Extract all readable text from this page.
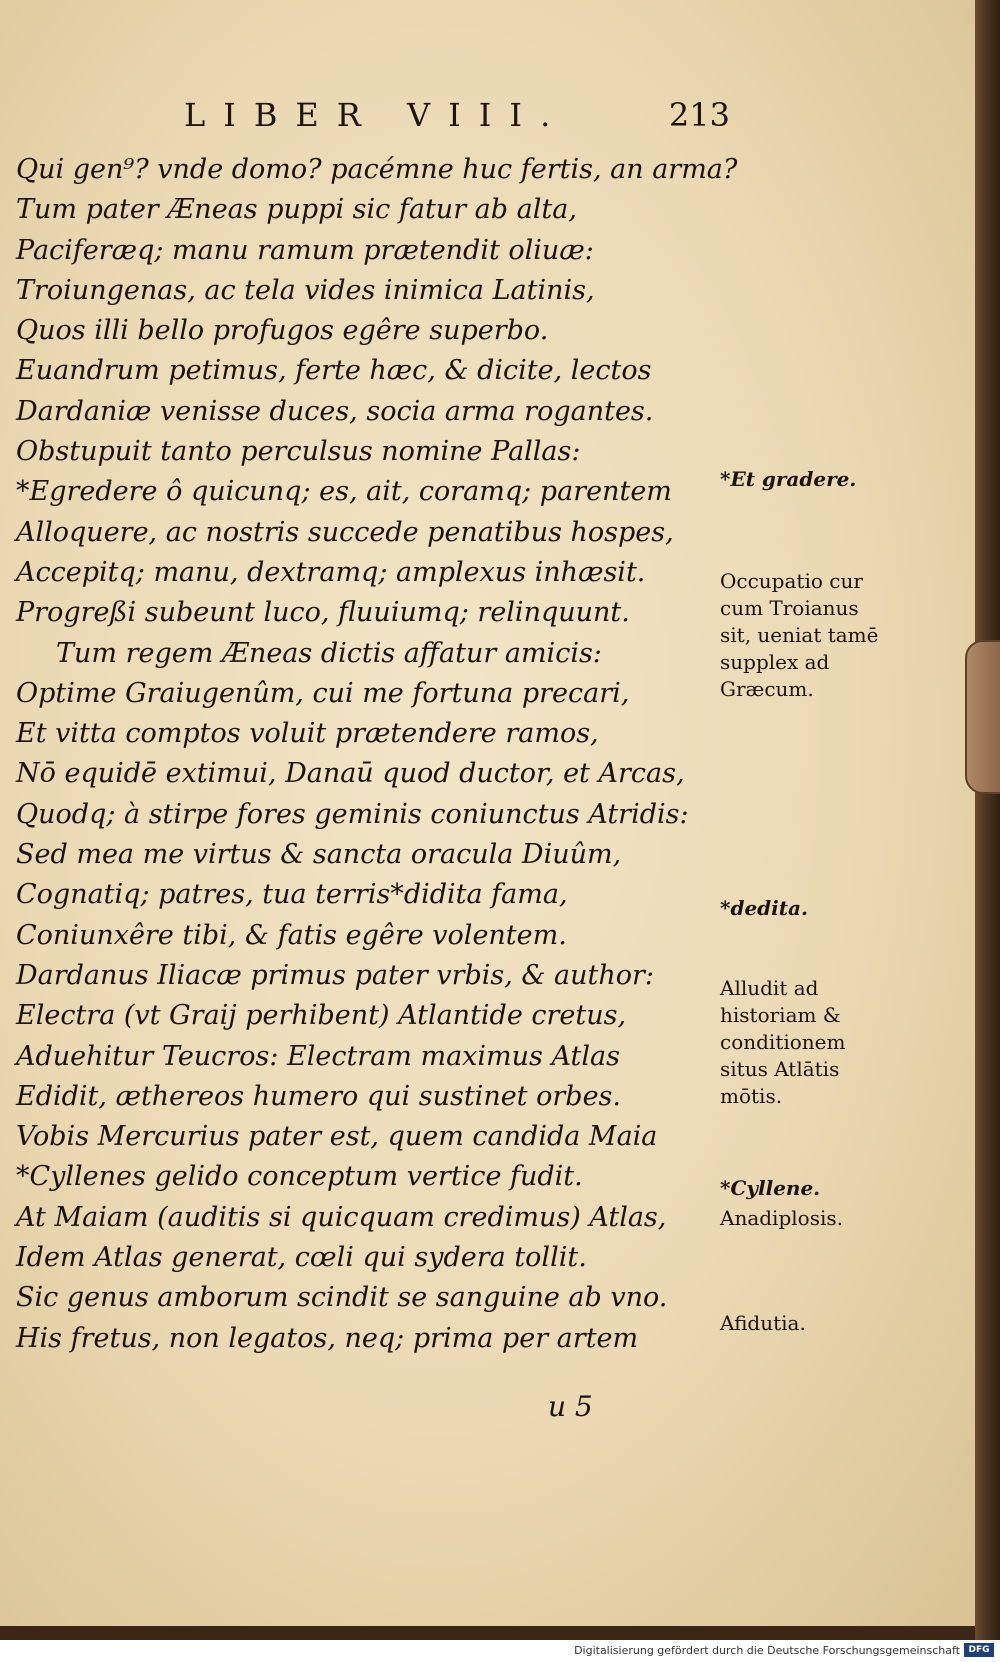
LIBER VIII.	213
Qui gen⁹? vnde domo? pacémne huc fertis, an arma?
Tum pater Æneas puppi sic fatur ab alta,
Paciferæq; manu ramum prætendit oliuæ:
Troiungenas, ac tela vides inimica Latinis,
Quos illi bello profugos egêre superbo.
Euandrum petimus, ferte hæc, & dicite, lectos
Dardaniæ venisse duces, socia arma rogantes.
Obstupuit tanto perculsus nomine Pallas:
*Egredere ô quicunq; es, ait, coramq; parentem
Alloquere, ac nostris succede penatibus hospes,
Accepitq; manu, dextramq; amplexus inhæsit.
Progreßi subeunt luco, fluuiumq; relinquunt.
Tum regem Æneas dictis affatur amicis:
Optime Graiugenûm, cui me fortuna precari,
Et vitta comptos voluit prætendere ramos,
Nō equidē extimui, Danaū quod ductor, et Arcas,
Quodq; à stirpe fores geminis coniunctus Atridis:
Sed mea me virtus & sancta oracula Diuûm,
Cognatiq; patres, tua terris*didita fama,
Coniunxêre tibi, & fatis egêre volentem.
Dardanus Iliacæ primus pater vrbis, & author:
Electra (vt Graij perhibent) Atlantide cretus,
Aduehitur Teucros: Electram maximus Atlas
Edidit, æthereos humero qui sustinet orbes.
Vobis Mercurius pater est, quem candida Maia
*Cyllenes gelido conceptum vertice fudit.
At Maiam (auditis si quicquam credimus) Atlas,
Idem Atlas generat, cœli qui sydera tollit.
Sic genus amborum scindit se sanguine ab vno.
His fretus, non legatos, neq; prima per artem
*Et gradere.
Occupatio cur cum Troianus sit, ueniat tamē supplex ad Græcum.
*dedita.
Alludit ad historiam & conditionem situs Atlātis mōtis.
*Cyllene.
Anadiplosis.
Afidutia.
u 5
Digitalisierung gefördert durch die Deutsche Forschungsgemeinschaft DFG
